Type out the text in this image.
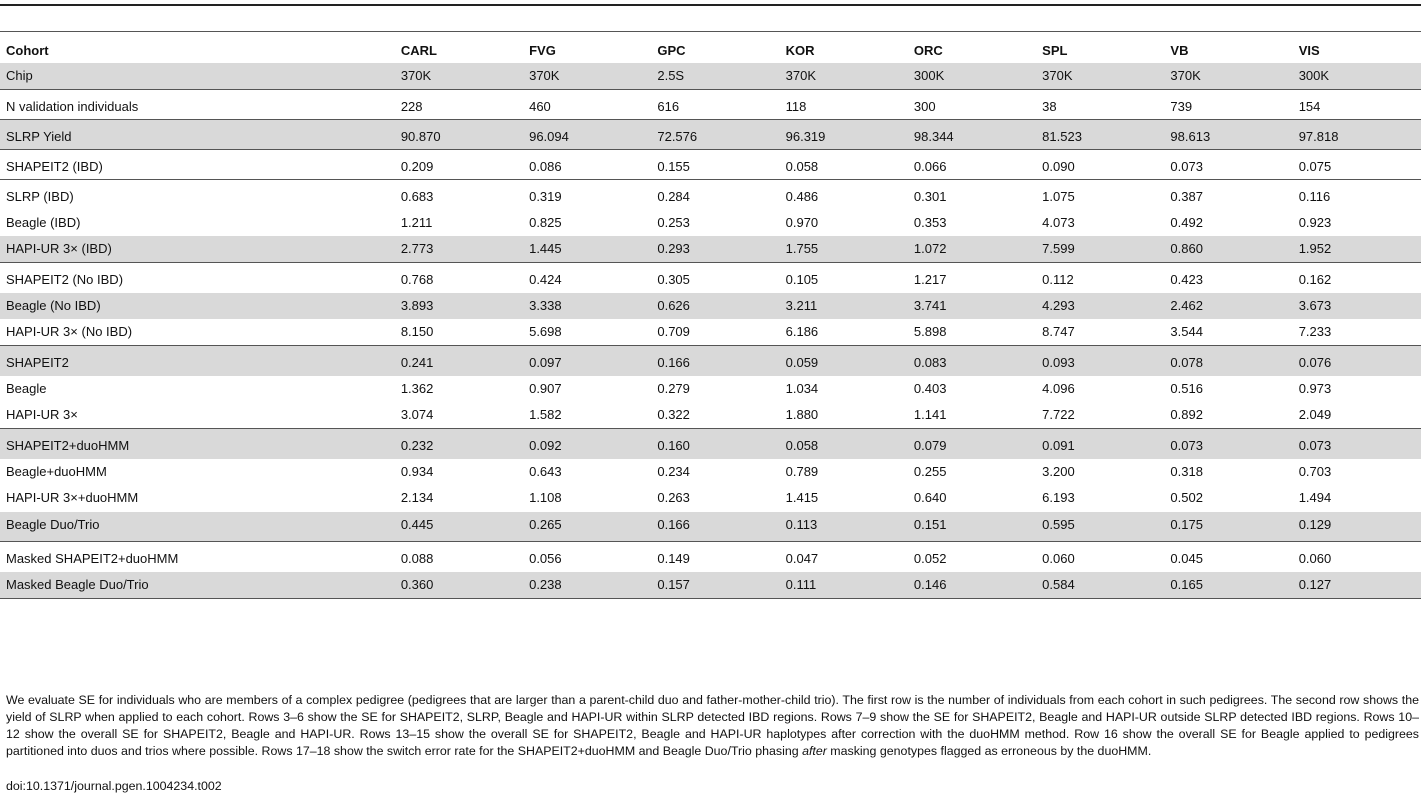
Cohort	CARL	FVG	GPC	KOR	ORC	SPL	VB	VIS
Chip	370K	370K	2.5S	370K	300K	370K	370K	300K
N validation individuals	228	460	616	118	300	38	739	154
SLRP Yield	90.870	96.094	72.576	96.319	98.344	81.523	98.613	97.818
SHAPEIT2 (IBD)	0.209	0.086	0.155	0.058	0.066	0.090	0.073	0.075
SLRP (IBD)	0.683	0.319	0.284	0.486	0.301	1.075	0.387	0.116
Beagle (IBD)	1.211	0.825	0.253	0.970	0.353	4.073	0.492	0.923
HAPI-UR 3× (IBD)	2.773	1.445	0.293	1.755	1.072	7.599	0.860	1.952
SHAPEIT2 (No IBD)	0.768	0.424	0.305	0.105	1.217	0.112	0.423	0.162
Beagle (No IBD)	3.893	3.338	0.626	3.211	3.741	4.293	2.462	3.673
HAPI-UR 3× (No IBD)	8.150	5.698	0.709	6.186	5.898	8.747	3.544	7.233
SHAPEIT2	0.241	0.097	0.166	0.059	0.083	0.093	0.078	0.076
Beagle	1.362	0.907	0.279	1.034	0.403	4.096	0.516	0.973
HAPI-UR 3×	3.074	1.582	0.322	1.880	1.141	7.722	0.892	2.049
SHAPEIT2+duoHMM	0.232	0.092	0.160	0.058	0.079	0.091	0.073	0.073
Beagle+duoHMM	0.934	0.643	0.234	0.789	0.255	3.200	0.318	0.703
HAPI-UR 3×+duoHMM	2.134	1.108	0.263	1.415	0.640	6.193	0.502	1.494
Beagle Duo/Trio	0.445	0.265	0.166	0.113	0.151	0.595	0.175	0.129
Masked SHAPEIT2+duoHMM	0.088	0.056	0.149	0.047	0.052	0.060	0.045	0.060
Masked Beagle Duo/Trio	0.360	0.238	0.157	0.111	0.146	0.584	0.165	0.127

We evaluate SE for individuals who are members of a complex pedigree (pedigrees that are larger than a parent-child duo and father-mother-child trio). The first row is the number of individuals from each cohort in such pedigrees. The second row shows the yield of SLRP when applied to each cohort. Rows 3–6 show the SE for SHAPEIT2, SLRP, Beagle and HAPI-UR within SLRP detected IBD regions. Rows 7–9 show the SE for SHAPEIT2, Beagle and HAPI-UR outside SLRP detected IBD regions. Rows 10–12 show the overall SE for SHAPEIT2, Beagle and HAPI-UR. Rows 13–15 show the overall SE for SHAPEIT2, Beagle and HAPI-UR haplotypes after correction with the duoHMM method. Row 16 show the overall SE for Beagle applied to pedigrees partitioned into duos and trios where possible. Rows 17–18 show the switch error rate for the SHAPEIT2+duoHMM and Beagle Duo/Trio phasing after masking genotypes flagged as erroneous by the duoHMM.

doi:10.1371/journal.pgen.1004234.t002
